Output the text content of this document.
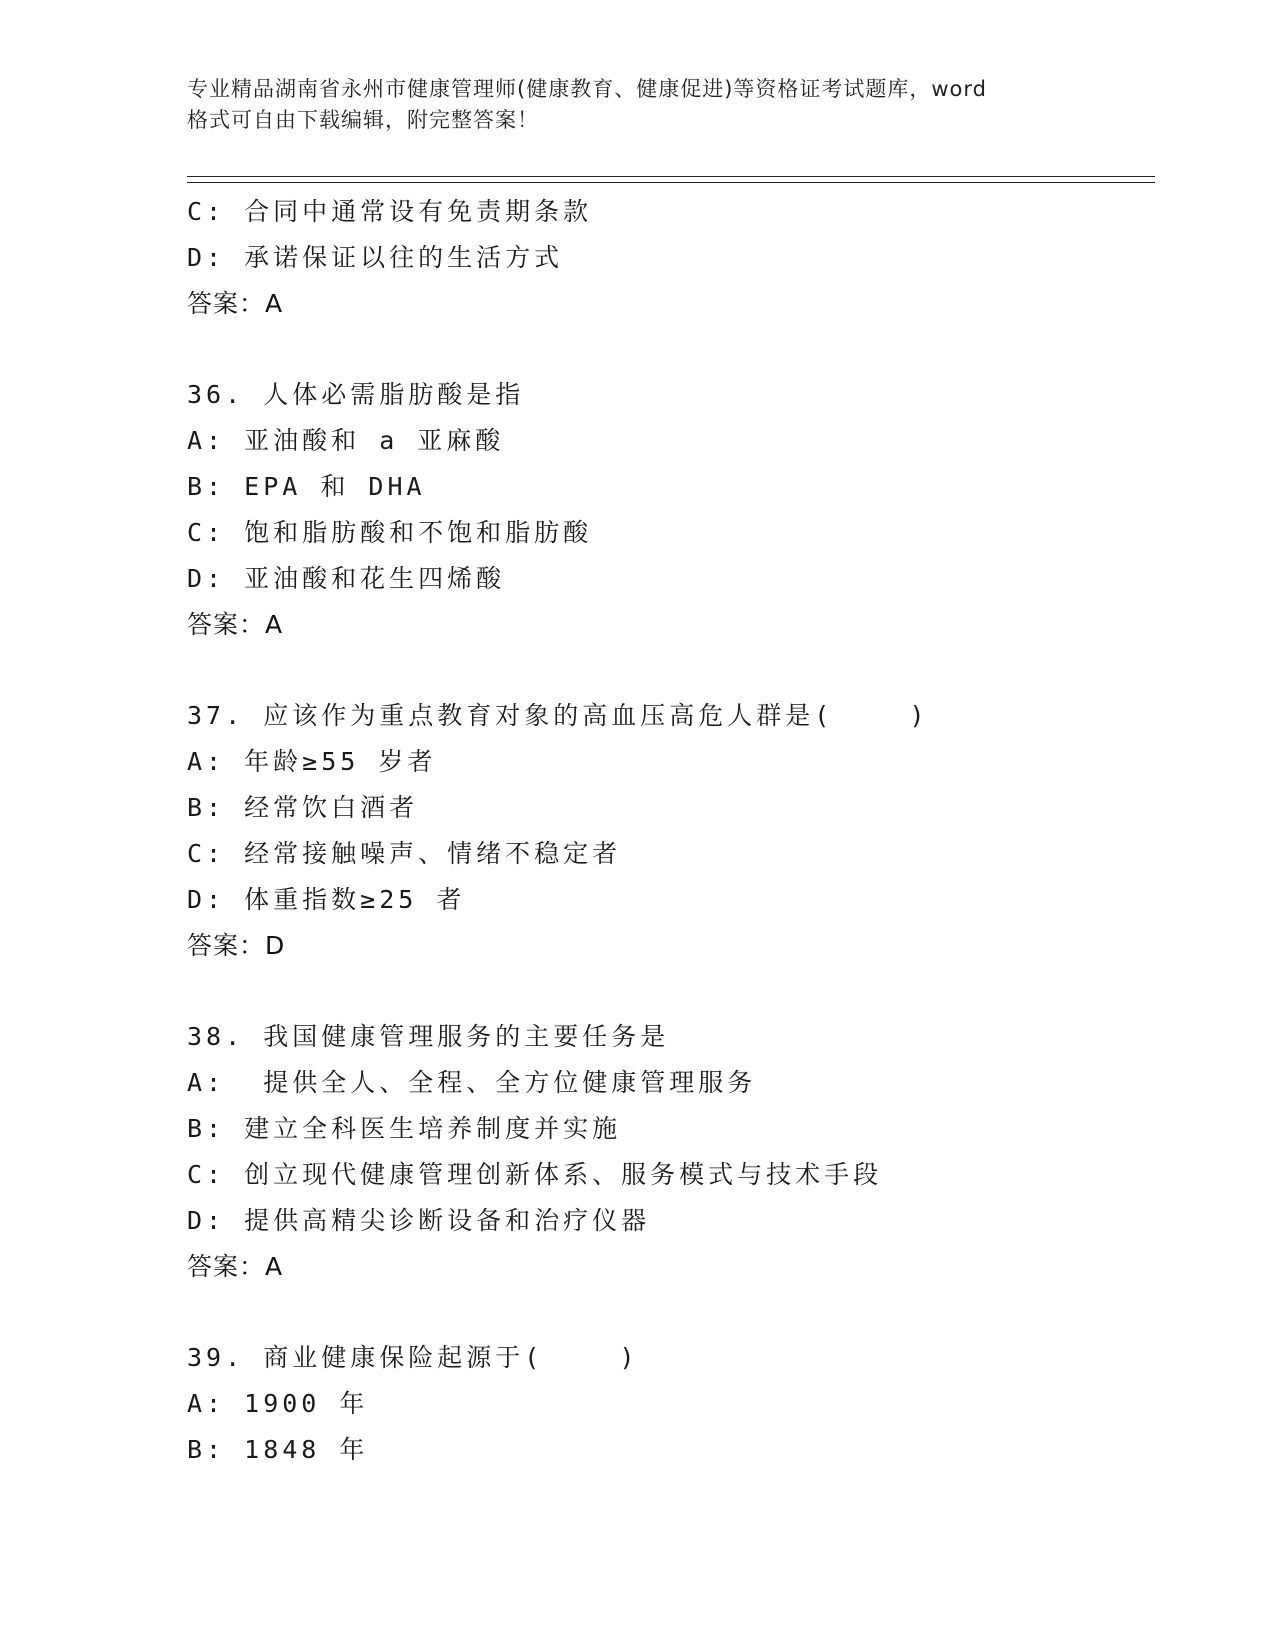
专业精品湖南省永州市健康管理师(健康教育、健康促进)等资格证考试题库，word
格式可自由下载编辑，附完整答案！
C: 合同中通常设有免责期条款
D: 承诺保证以往的生活方式
答案：A
36. 人体必需脂肪酸是指
A: 亚油酸和 a 亚麻酸
B: EPA 和 DHA
C: 饱和脂肪酸和不饱和脂肪酸
D: 亚油酸和花生四烯酸
答案：A
37. 应该作为重点教育对象的高血压高危人群是(    )
A: 年龄≥55 岁者
B: 经常饮白酒者
C: 经常接触噪声、情绪不稳定者
D: 体重指数≥25 者
答案：D
38. 我国健康管理服务的主要任务是
A:  提供全人、全程、全方位健康管理服务
B: 建立全科医生培养制度并实施
C: 创立现代健康管理创新体系、服务模式与技术手段
D: 提供高精尖诊断设备和治疗仪器
答案：A
39. 商业健康保险起源于(    )
A: 1900 年
B: 1848 年
